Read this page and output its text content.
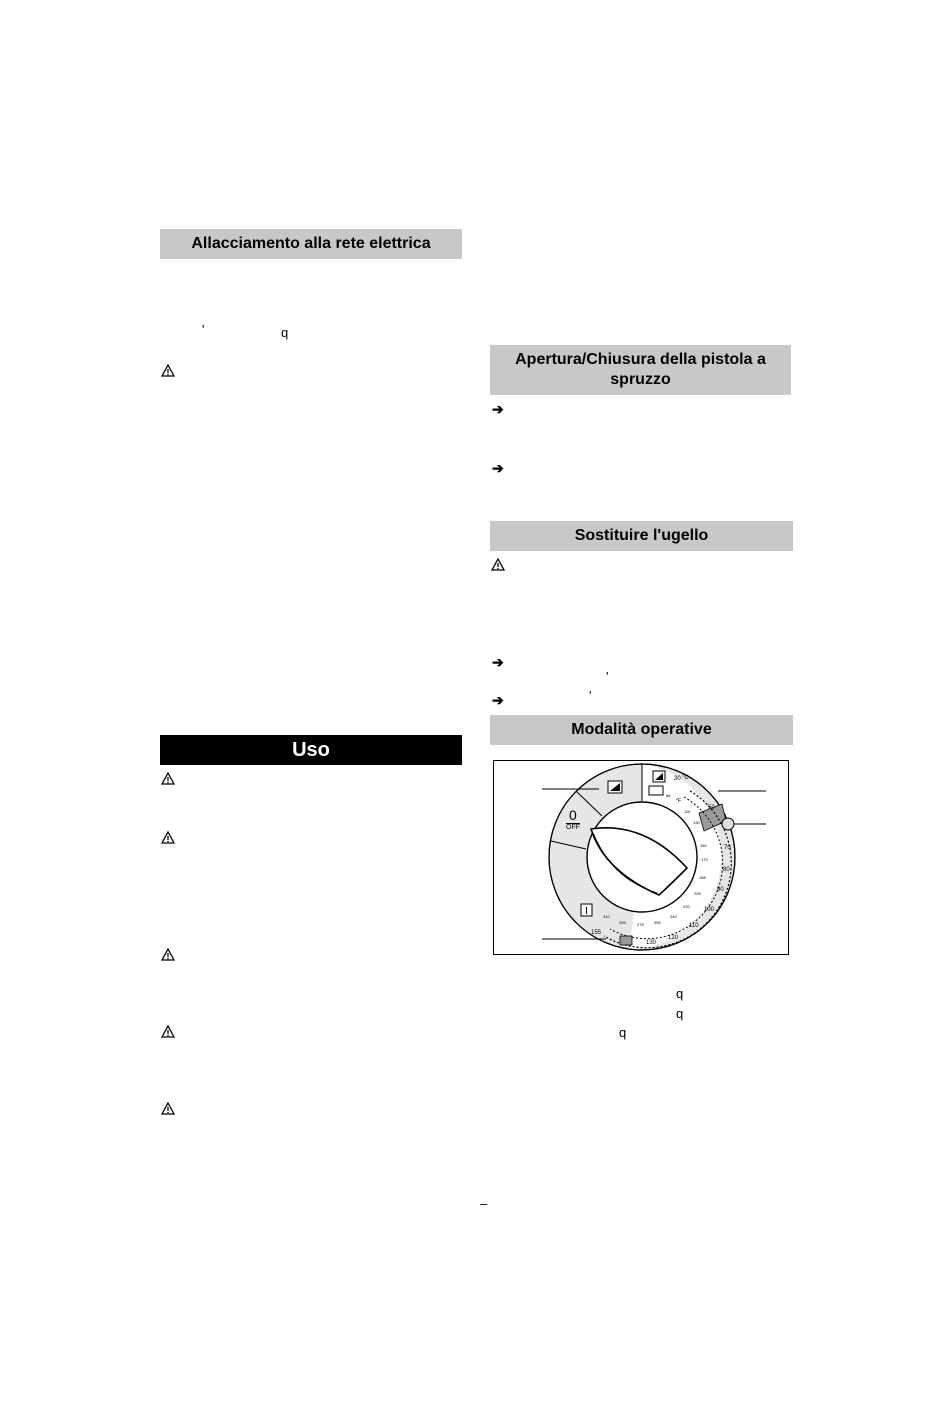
Allacciamento alla rete elettrica
'	q
Uso
Apertura/Chiusura della pistola a spruzzo
➔
➔
Sostituire l'ugello
➔
'
➔	'
Modalità operative
0
OFF
°C
°F
30
50
70
80
90
100
110
120
130
155
86
110
130
150
170
185
205
220
240
255
275
295
310
q
q
q
–
